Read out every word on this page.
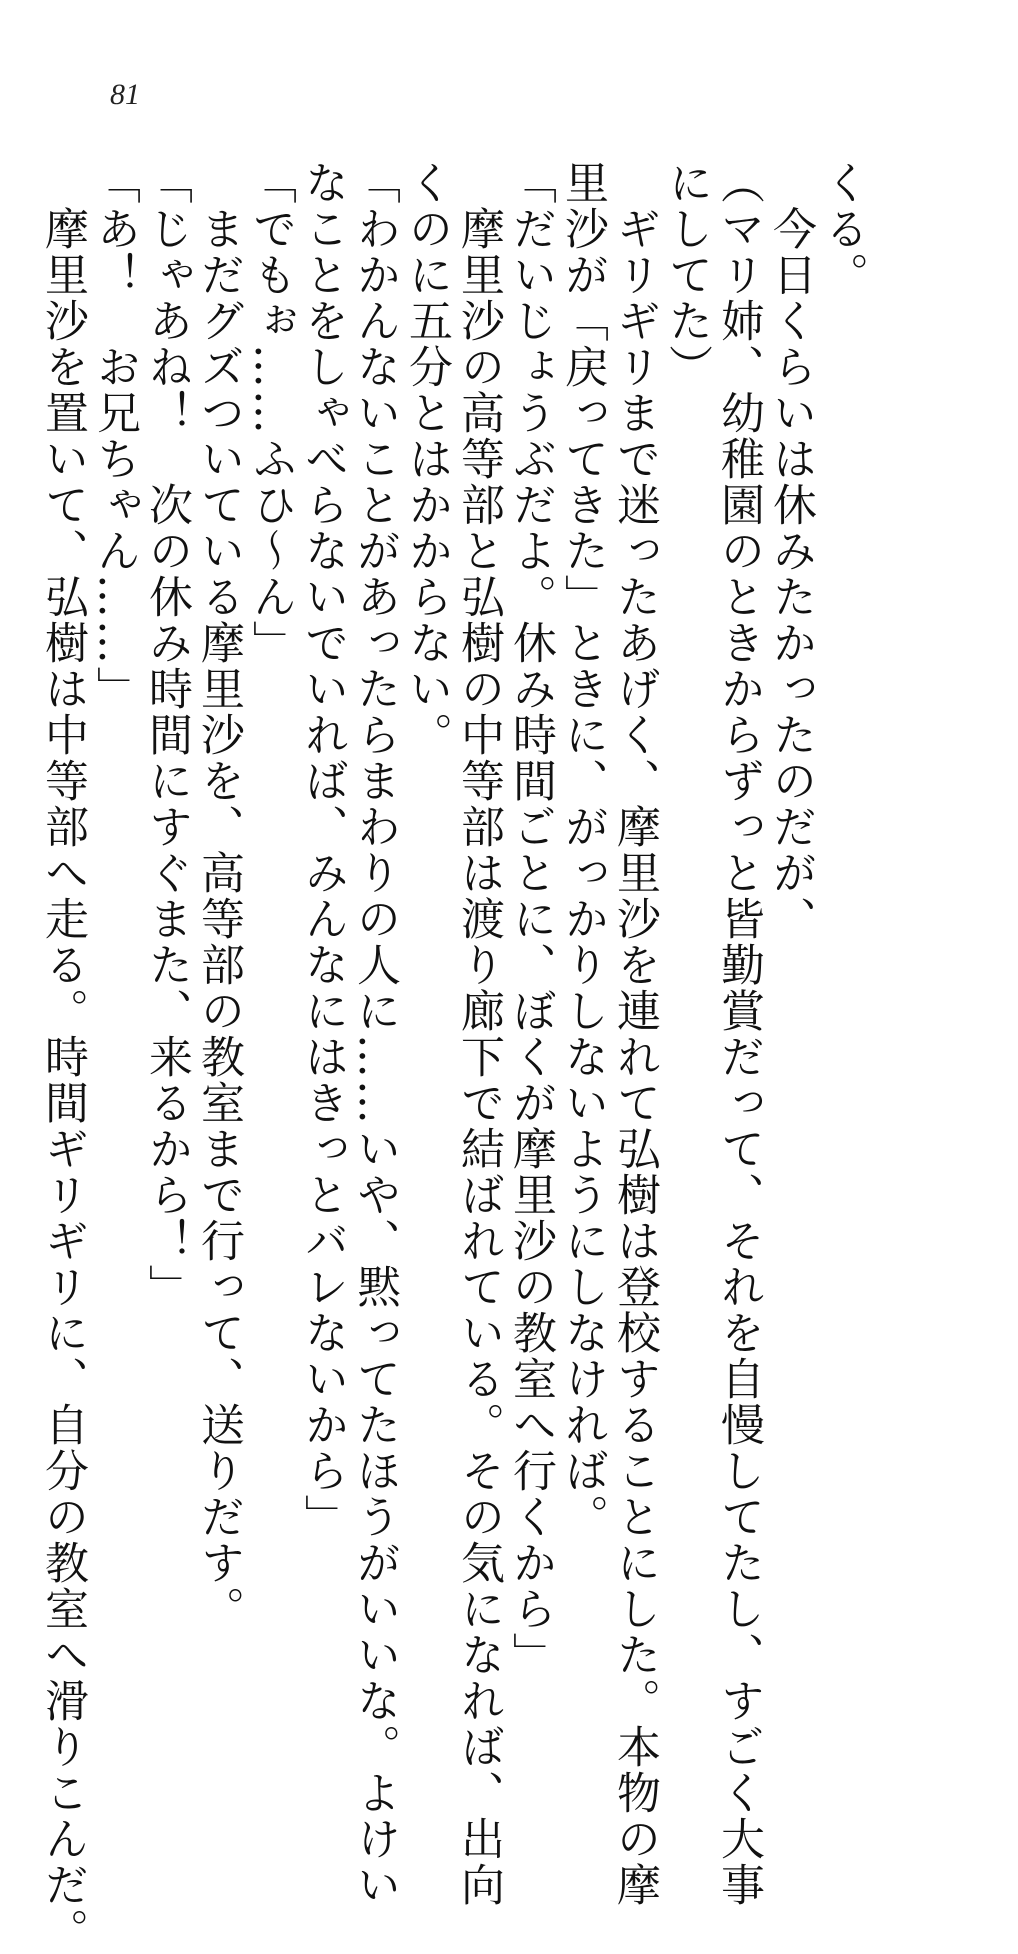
81
くる。
　今日くらいは休みたかったのだが、
（マリ姉、幼稚園のときからずっと皆勤賞だって、それを自慢してたし、すごく大事
にしてた）
　ギリギリまで迷ったあげく、摩里沙を連れて弘樹は登校することにした。本物の摩
里沙が「戻ってきた」ときに、がっかりしないようにしなければ。
「だいじょうぶだよ。休み時間ごとに、ぼくが摩里沙の教室へ行くから」
　摩里沙の高等部と弘樹の中等部は渡り廊下で結ばれている。その気になれば、出向
くのに五分とはかからない。
「わかんないことがあったらまわりの人に……いや、黙ってたほうがいいな。よけい
なことをしゃべらないでいれば、みんなにはきっとバレないから」
「でもぉ……ふひ～ん」
　まだグズついている摩里沙を、高等部の教室まで行って、送りだす。
「じゃあね！　次の休み時間にすぐまた、来るから！」
「あ！　お兄ちゃん……」
　摩里沙を置いて、弘樹は中等部へ走る。時間ギリギリに、自分の教室へ滑りこんだ。
